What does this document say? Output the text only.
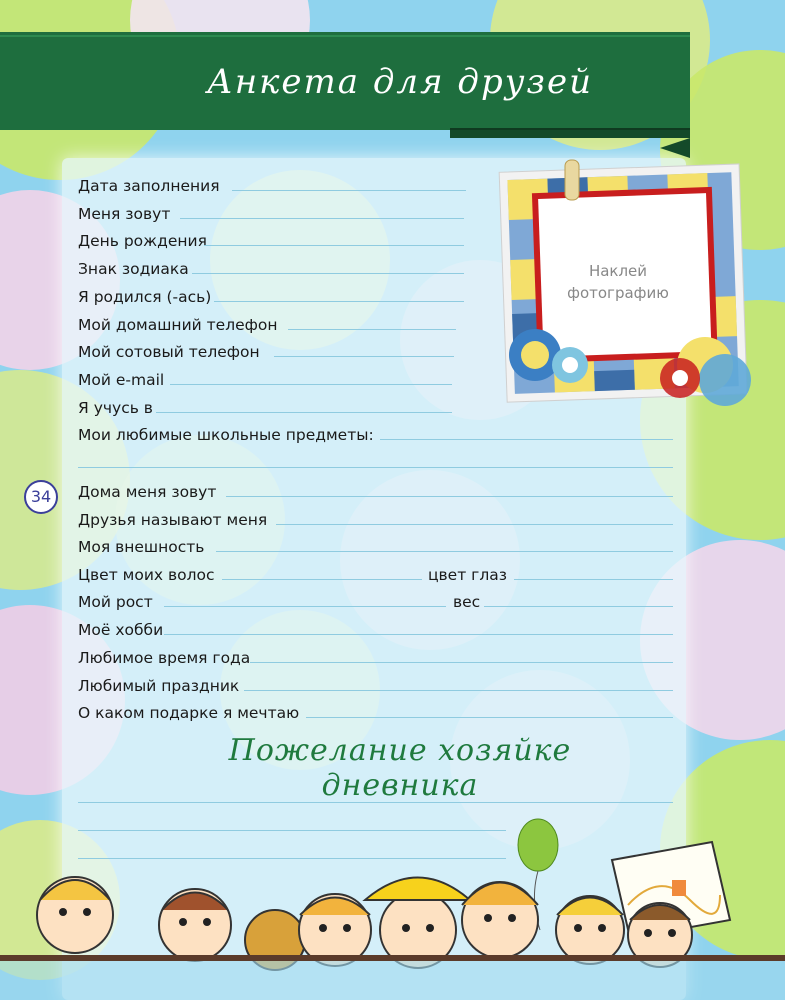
Анкета для друзей
Наклей
фотографию
Дата заполнения
Меня зовут
День рождения
Знак зодиака
Я родился (-ась)
Мой домашний телефон
Мой сотовый телефон
Мой e-mail
Я учусь в
Мои любимые школьные предметы:
34	Дома меня зовут
Друзья называют меня
Моя внешность
Цвет моих волос	цвет глаз
Мой рост	вес
Моё хобби
Любимое время года
Любимый праздник
О каком подарке я мечтаю
Пожелание хозяйке дневника
